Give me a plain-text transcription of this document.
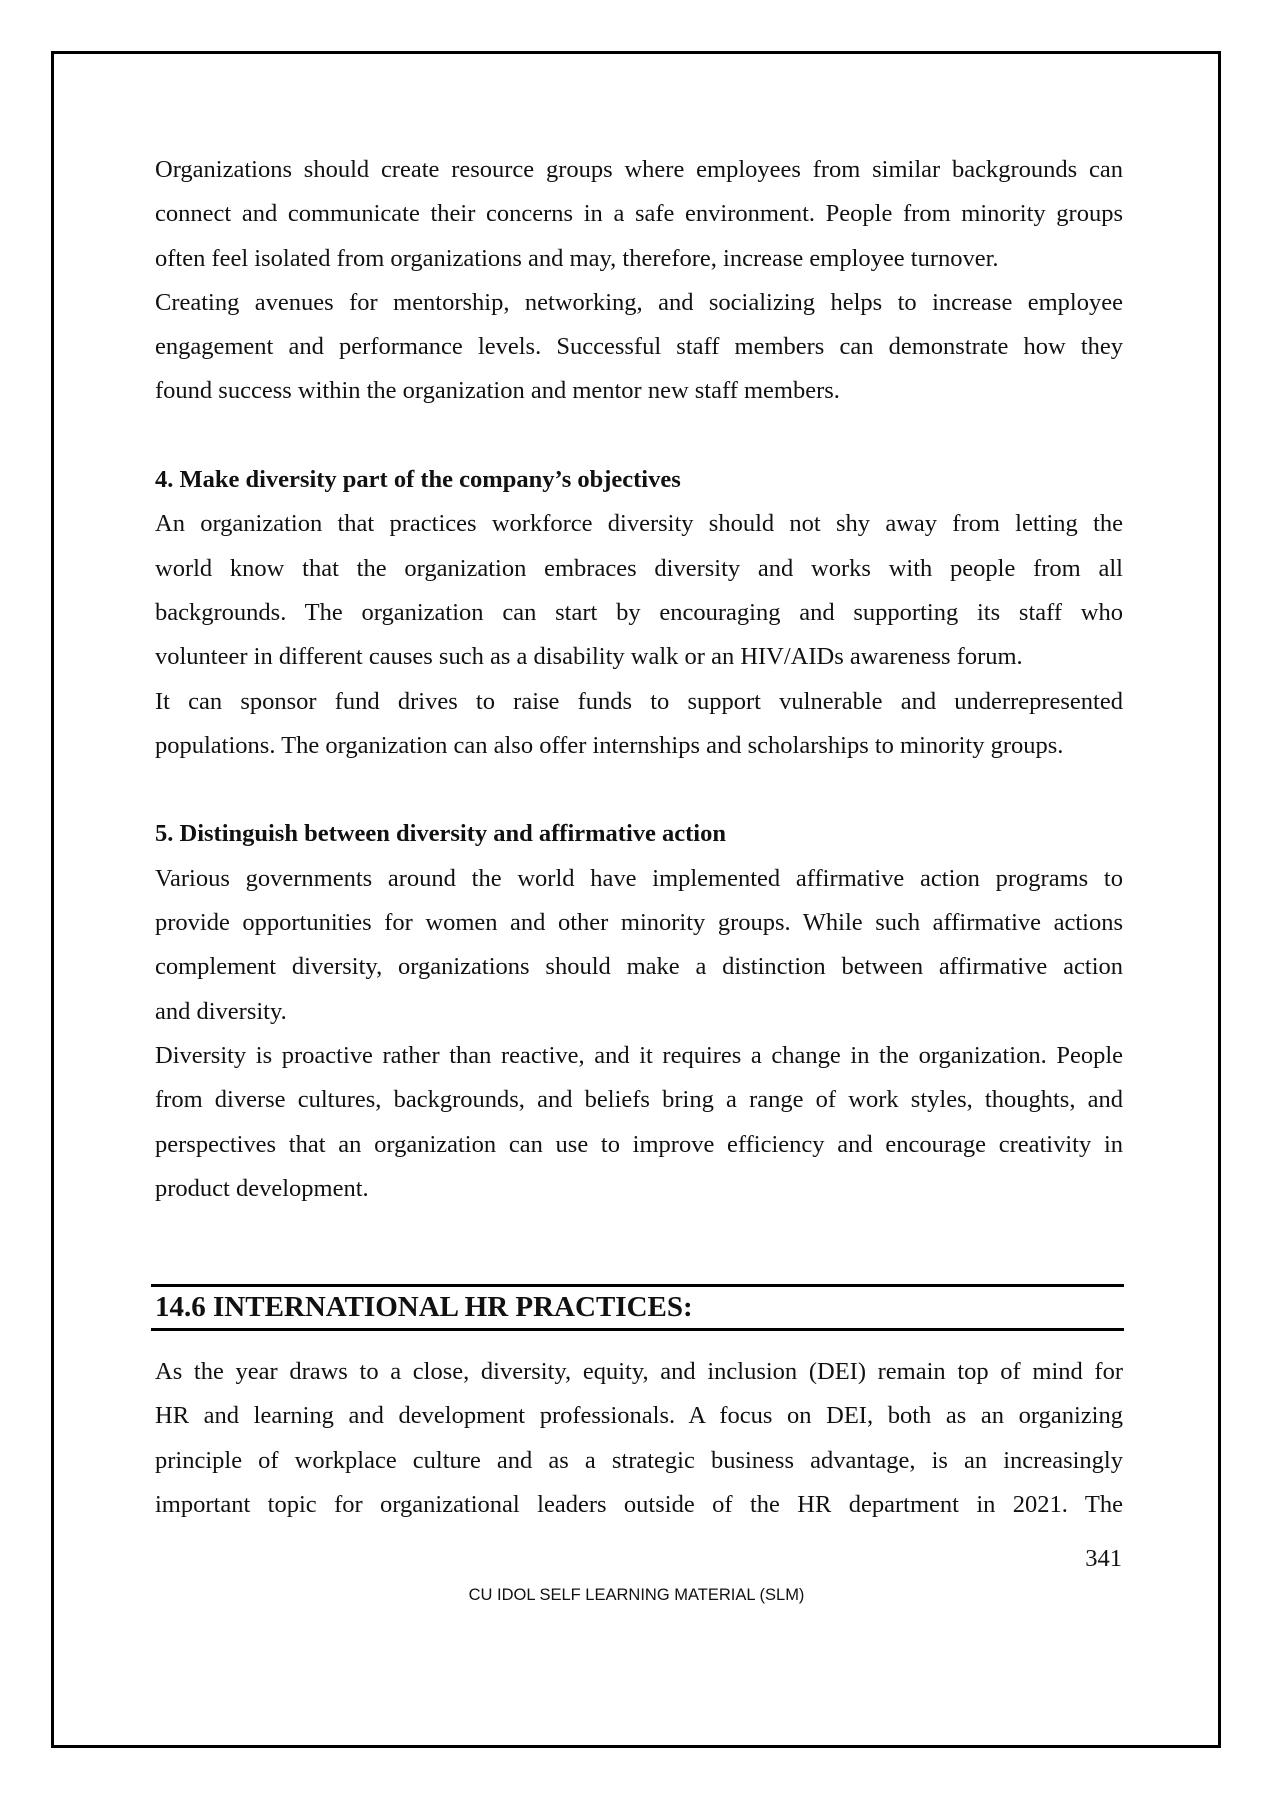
Organizations should create resource groups where employees from similar backgrounds can
connect and communicate their concerns in a safe environment. People from minority groups
often feel isolated from organizations and may, therefore, increase employee turnover.

Creating avenues for mentorship, networking, and socializing helps to increase employee
engagement and performance levels. Successful staff members can demonstrate how they
found success within the organization and mentor new staff members.

4. Make diversity part of the company’s objectives

An organization that practices workforce diversity should not shy away from letting the
world know that the organization embraces diversity and works with people from all
backgrounds. The organization can start by encouraging and supporting its staff who
volunteer in different causes such as a disability walk or an HIV/AIDs awareness forum.

It can sponsor fund drives to raise funds to support vulnerable and underrepresented
populations. The organization can also offer internships and scholarships to minority groups.

5. Distinguish between diversity and affirmative action

Various governments around the world have implemented affirmative action programs to
provide opportunities for women and other minority groups. While such affirmative actions
complement diversity, organizations should make a distinction between affirmative action
and diversity.

Diversity is proactive rather than reactive, and it requires a change in the organization. People
from diverse cultures, backgrounds, and beliefs bring a range of work styles, thoughts, and
perspectives that an organization can use to improve efficiency and encourage creativity in
product development.

14.6 INTERNATIONAL HR PRACTICES:

As the year draws to a close, diversity, equity, and inclusion (DEI) remain top of mind for
HR and learning and development professionals. A focus on DEI, both as an organizing
principle of workplace culture and as a strategic business advantage, is an increasingly
important topic for organizational leaders outside of the HR department in 2021. The

341
CU IDOL SELF LEARNING MATERIAL (SLM)
